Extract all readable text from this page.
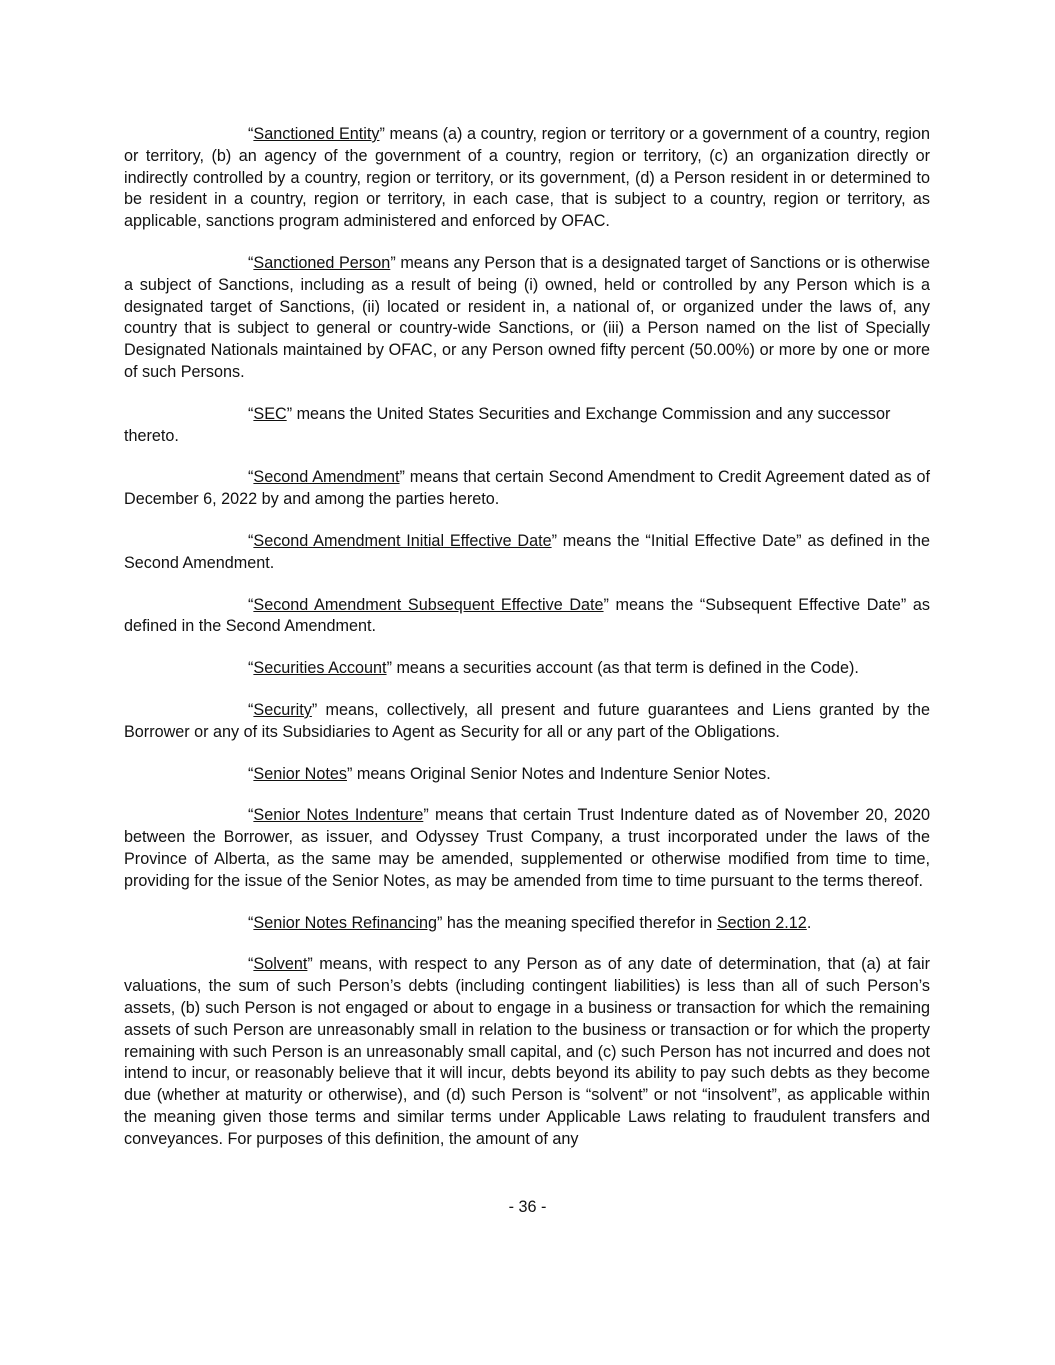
“Sanctioned Entity” means (a) a country, region or territory or a government of a country, region or territory, (b) an agency of the government of a country, region or territory, (c) an organization directly or indirectly controlled by a country, region or territory, or its government, (d) a Person resident in or determined to be resident in a country, region or territory, in each case, that is subject to a country, region or territory, as applicable, sanctions program administered and enforced by OFAC.

“Sanctioned Person” means any Person that is a designated target of Sanctions or is otherwise a subject of Sanctions, including as a result of being (i) owned, held or controlled by any Person which is a designated target of Sanctions, (ii) located or resident in, a national of, or organized under the laws of, any country that is subject to general or country-wide Sanctions, or (iii) a Person named on the list of Specially Designated Nationals maintained by OFAC, or any Person owned fifty percent (50.00%) or more by one or more of such Persons.

“SEC” means the United States Securities and Exchange Commission and any successor
thereto.

“Second Amendment” means that certain Second Amendment to Credit Agreement dated as of December 6, 2022 by and among the parties hereto.

“Second Amendment Initial Effective Date” means the “Initial Effective Date” as defined in the Second Amendment.

“Second Amendment Subsequent Effective Date” means the “Subsequent Effective Date” as defined in the Second Amendment.

“Securities Account” means a securities account (as that term is defined in the Code).

“Security” means, collectively, all present and future guarantees and Liens granted by the Borrower or any of its Subsidiaries to Agent as Security for all or any part of the Obligations.

“Senior Notes” means Original Senior Notes and Indenture Senior Notes.

“Senior Notes Indenture” means that certain Trust Indenture dated as of November 20, 2020 between the Borrower, as issuer, and Odyssey Trust Company, a trust incorporated under the laws of the Province of Alberta, as the same may be amended, supplemented or otherwise modified from time to time, providing for the issue of the Senior Notes, as may be amended from time to time pursuant to the terms thereof.

“Senior Notes Refinancing” has the meaning specified therefor in Section 2.12.

“Solvent” means, with respect to any Person as of any date of determination, that (a) at fair valuations, the sum of such Person’s debts (including contingent liabilities) is less than all of such Person’s assets, (b) such Person is not engaged or about to engage in a business or transaction for which the remaining assets of such Person are unreasonably small in relation to the business or transaction or for which the property remaining with such Person is an unreasonably small capital, and (c) such Person has not incurred and does not intend to incur, or reasonably believe that it will incur, debts beyond its ability to pay such debts as they become due (whether at maturity or otherwise), and (d) such Person is “solvent” or not “insolvent”, as applicable within the meaning given those terms and similar terms under Applicable Laws relating to fraudulent transfers and conveyances. For purposes of this definition, the amount of any

- 36 -
